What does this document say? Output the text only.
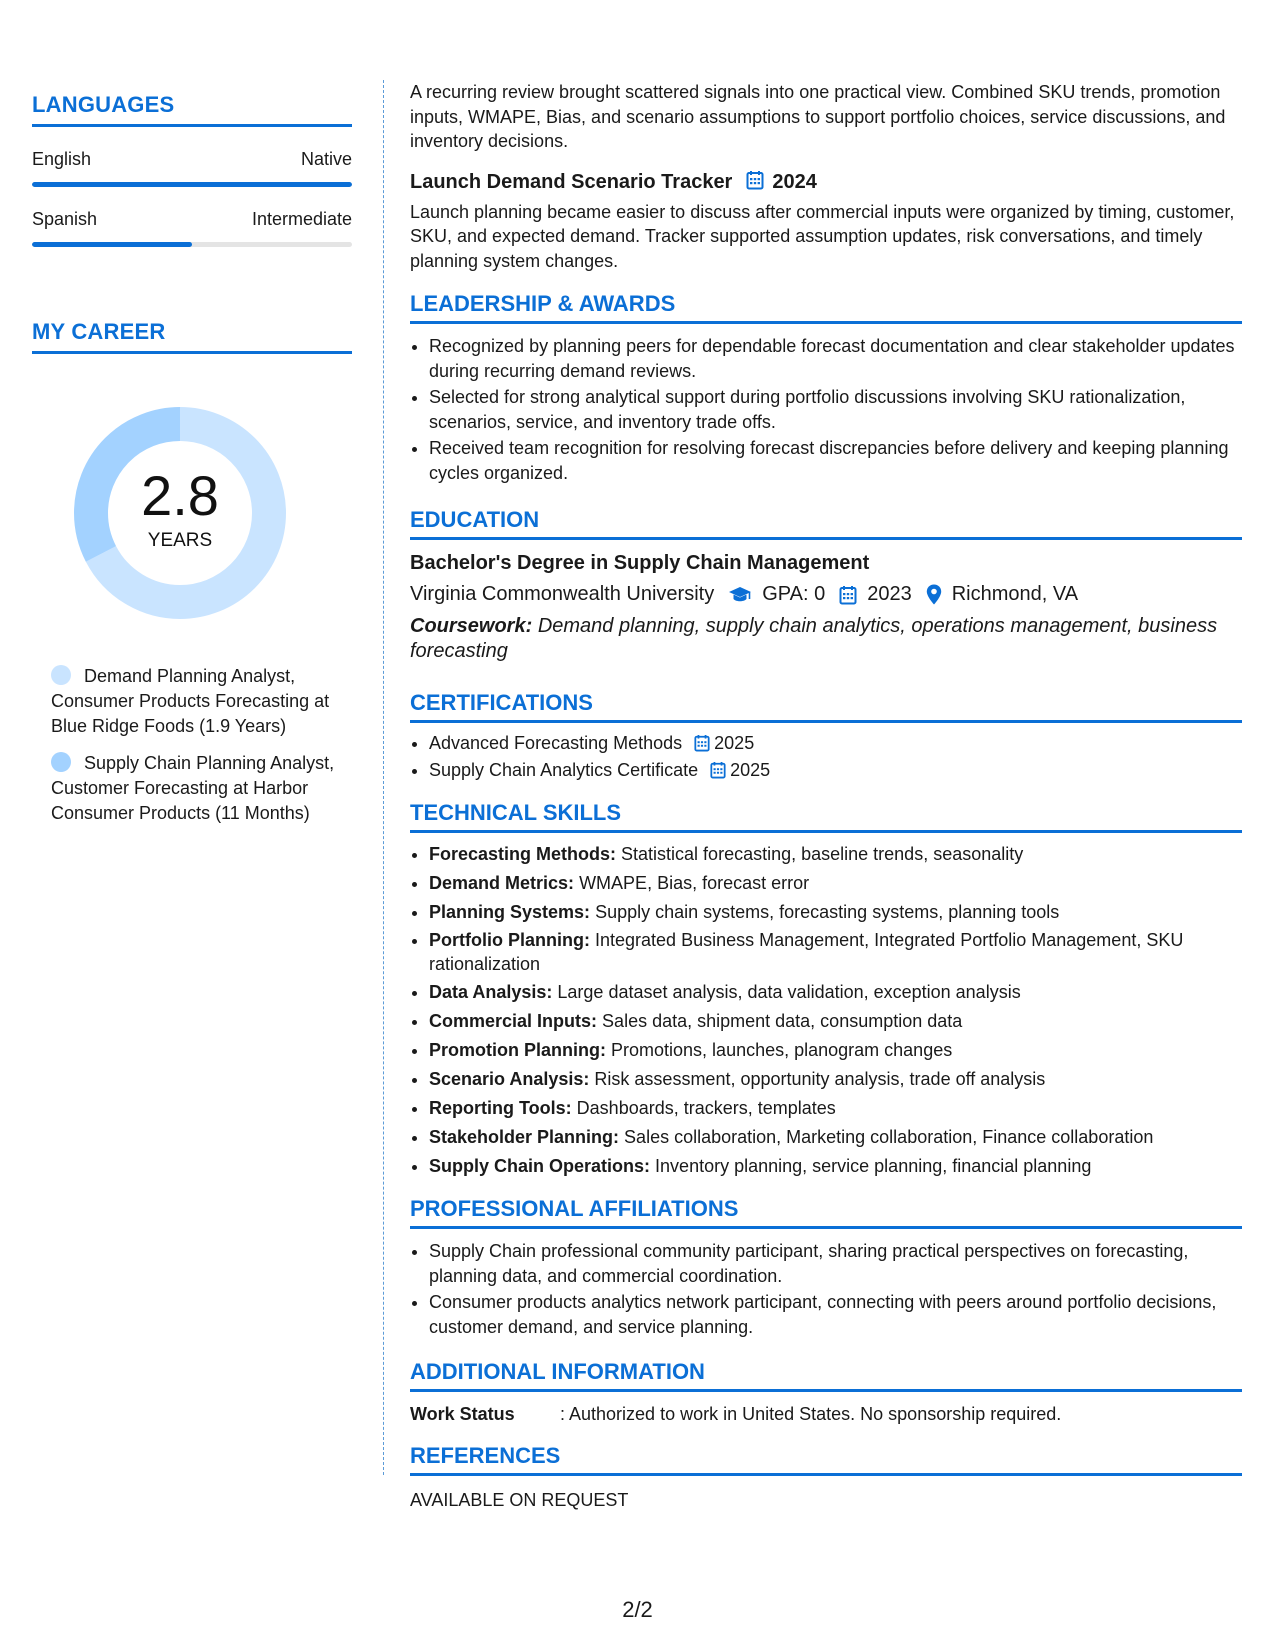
LANGUAGES
English	Native
Spanish	Intermediate
MY CAREER
2.8
YEARS
Demand Planning Analyst, Consumer Products Forecasting at Blue Ridge Foods (1.9 Years)
Supply Chain Planning Analyst, Customer Forecasting at Harbor Consumer Products (11 Months)

A recurring review brought scattered signals into one practical view. Combined SKU trends, promotion inputs, WMAPE, Bias, and scenario assumptions to support portfolio choices, service discussions, and inventory decisions.

Launch Demand Scenario Tracker 2024

Launch planning became easier to discuss after commercial inputs were organized by timing, customer, SKU, and expected demand. Tracker supported assumption updates, risk conversations, and timely planning system changes.

LEADERSHIP & AWARDS
• Recognized by planning peers for dependable forecast documentation and clear stakeholder updates during recurring demand reviews.
• Selected for strong analytical support during portfolio discussions involving SKU rationalization, scenarios, service, and inventory trade offs.
• Received team recognition for resolving forecast discrepancies before delivery and keeping planning cycles organized.
EDUCATION
Bachelor's Degree in Supply Chain Management
Virginia Commonwealth University GPA: 0 2023 Richmond, VA
Coursework: Demand planning, supply chain analytics, operations management, business forecasting
CERTIFICATIONS
• Advanced Forecasting Methods 2025
• Supply Chain Analytics Certificate 2025
TECHNICAL SKILLS
• Forecasting Methods: Statistical forecasting, baseline trends, seasonality
• Demand Metrics: WMAPE, Bias, forecast error
• Planning Systems: Supply chain systems, forecasting systems, planning tools
• Portfolio Planning: Integrated Business Management, Integrated Portfolio Management, SKU rationalization
• Data Analysis: Large dataset analysis, data validation, exception analysis
• Commercial Inputs: Sales data, shipment data, consumption data
• Promotion Planning: Promotions, launches, planogram changes
• Scenario Analysis: Risk assessment, opportunity analysis, trade off analysis
• Reporting Tools: Dashboards, trackers, templates
• Stakeholder Planning: Sales collaboration, Marketing collaboration, Finance collaboration
• Supply Chain Operations: Inventory planning, service planning, financial planning
PROFESSIONAL AFFILIATIONS
• Supply Chain professional community participant, sharing practical perspectives on forecasting, planning data, and commercial coordination.
• Consumer products analytics network participant, connecting with peers around portfolio decisions, customer demand, and service planning.
ADDITIONAL INFORMATION
Work Status	: Authorized to work in United States. No sponsorship required.
REFERENCES
AVAILABLE ON REQUEST
2/2
